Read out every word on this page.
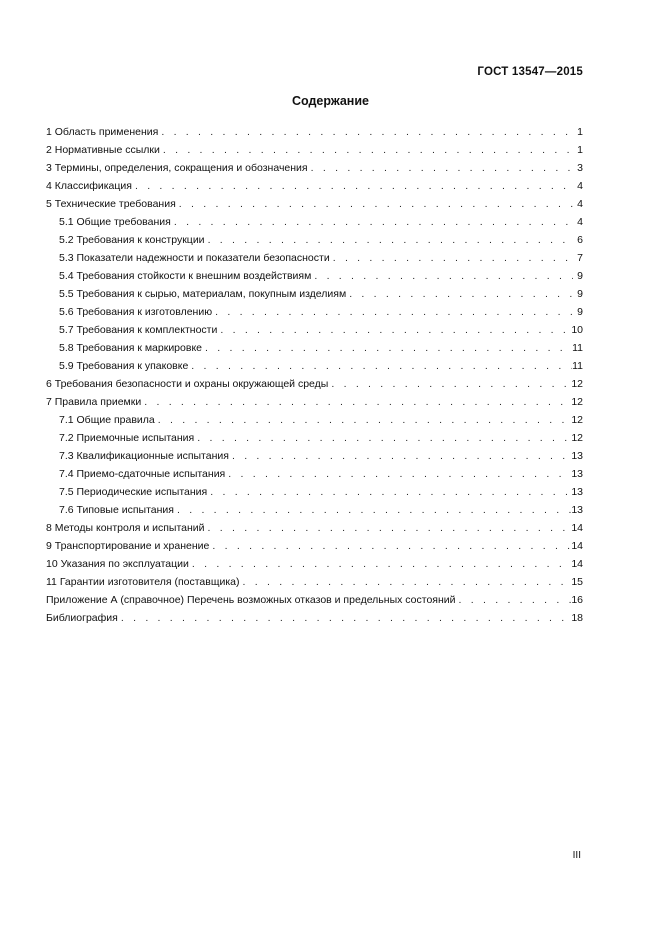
ГОСТ 13547—2015
Содержание
1 Область применения . . .	1
2 Нормативные ссылки . . .	1
3 Термины, определения, сокращения и обозначения . . .	3
4 Классификация . . .	4
5 Технические требования . . .	4
5.1 Общие требования . . .	4
5.2 Требования к конструкции . . .	6
5.3 Показатели надежности и показатели безопасности . . .	7
5.4 Требования стойкости к внешним воздействиям . . .	9
5.5 Требования к сырью, материалам, покупным изделиям . . .	9
5.6 Требования к изготовлению . . .	9
5.7 Требования к комплектности . . .	10
5.8 Требования к маркировке . . .	11
5.9 Требования к упаковке . . .	11
6 Требования безопасности и охраны окружающей среды . . .	12
7 Правила приемки . . .	12
7.1 Общие правила . . .	12
7.2 Приемочные испытания . . .	12
7.3 Квалификационные испытания . . .	13
7.4 Приемо-сдаточные испытания . . .	13
7.5 Периодические испытания . . .	13
7.6 Типовые испытания . . .	13
8 Методы контроля и испытаний . . .	14
9 Транспортирование и хранение . . .	14
10 Указания по эксплуатации . . .	14
11 Гарантии изготовителя (поставщика) . . .	15
Приложение А (справочное) Перечень возможных отказов и предельных состояний . . .	16
Библиография . . .	18
III
